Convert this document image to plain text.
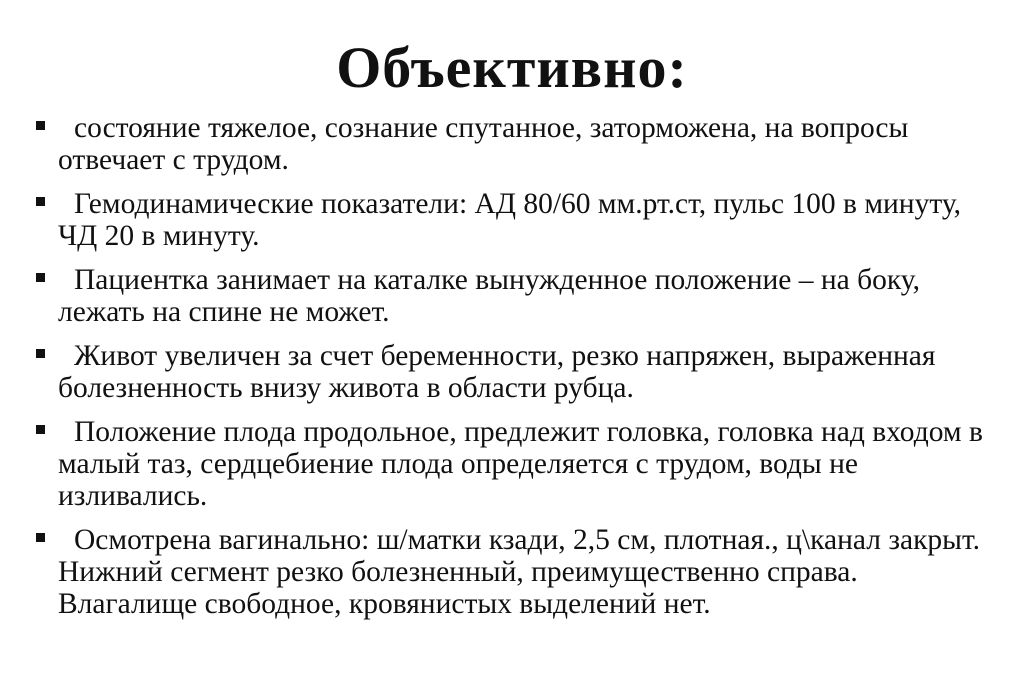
Объективно:
состояние тяжелое, сознание спутанное, заторможена, на вопросы отвечает с трудом.
Гемодинамические показатели: АД 80/60 мм.рт.ст, пульс 100 в минуту, ЧД 20 в минуту.
Пациентка занимает на каталке вынужденное положение – на боку, лежать на спине не может.
Живот увеличен за счет беременности, резко напряжен, выраженная болезненность внизу живота в области рубца.
Положение плода продольное, предлежит головка, головка над входом в малый таз, сердцебиение плода определяется с трудом, воды не изливались.
Осмотрена вагинально: ш/матки кзади, 2,5 см, плотная., ц\канал закрыт. Нижний сегмент резко болезненный, преимущественно справа. Влагалище свободное, кровянистых выделений нет.
